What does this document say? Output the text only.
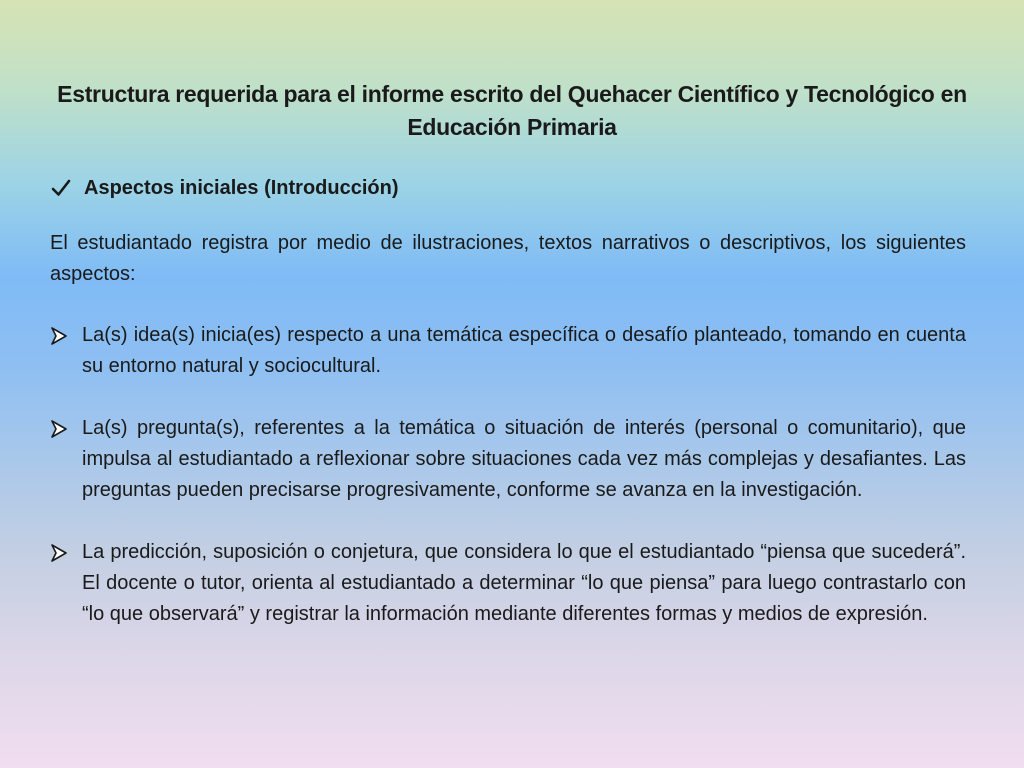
Estructura requerida para el informe escrito del Quehacer Científico y Tecnológico en Educación Primaria
Aspectos iniciales (Introducción)
El estudiantado registra por medio de ilustraciones, textos narrativos o descriptivos, los siguientes aspectos:
La(s) idea(s) inicia(es) respecto a una temática específica o desafío planteado, tomando en cuenta su entorno natural y sociocultural.
La(s) pregunta(s), referentes a la temática o situación de interés (personal o comunitario), que impulsa al estudiantado a reflexionar sobre situaciones cada vez más complejas y desafiantes. Las preguntas pueden precisarse progresivamente, conforme se avanza en la investigación.
La predicción, suposición o conjetura, que considera lo que el estudiantado “piensa que sucederá”. El docente o tutor, orienta al estudiantado a determinar “lo que piensa” para luego contrastarlo con “lo que observará” y registrar la información mediante diferentes formas y medios de expresión.
